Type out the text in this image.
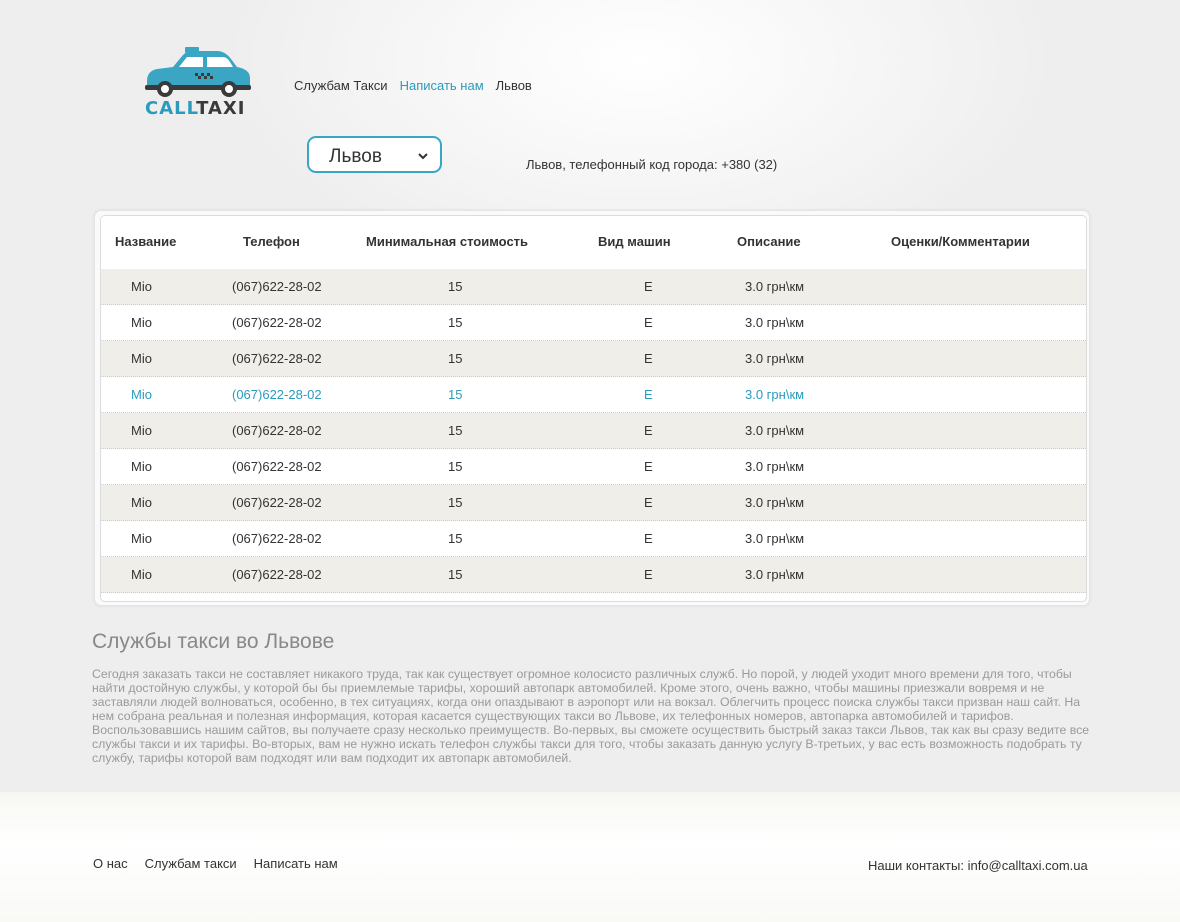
CALLTAXI
Службам Такси Написать нам Львов
Львов	Львов, телефонный код города: +380 (32)
Название	Телефон	Минимальная стоимость	Вид машин	Описание	Оценки/Комментарии
Mio	(067)622-28-02	15	E	3.0 грн\км
Mio	(067)622-28-02	15	E	3.0 грн\км
Mio	(067)622-28-02	15	E	3.0 грн\км
Mio	(067)622-28-02	15	E	3.0 грн\км
Mio	(067)622-28-02	15	E	3.0 грн\км
Mio	(067)622-28-02	15	E	3.0 грн\км
Mio	(067)622-28-02	15	E	3.0 грн\км
Mio	(067)622-28-02	15	E	3.0 грн\км
Mio	(067)622-28-02	15	E	3.0 грн\км
Службы такси во Львове
Сегодня заказать такси не составляет никакого труда, так как существует огромное колосисто различных служб. Но порой, у людей уходит много времени для того, чтобы найти достойную службы, у которой бы бы приемлемые тарифы, хороший автопарк автомобилей. Кроме этого, очень важно, чтобы машины приезжали вовремя и не заставляли людей волноваться, особенно, в тех ситуациях, когда они опаздывают в аэропорт или на вокзал. Облегчить процесс поиска службы такси призван наш сайт. На нем собрана реальная и полезная информация, которая касается существующих такси во Львове, их телефонных номеров, автопарка автомобилей и тарифов. Воспользовавшись нашим сайтов, вы получаете сразу несколько преимуществ. Во-первых, вы сможете осуществить быстрый заказ такси Львов, так как вы сразу ведите все службы такси и их тарифы. Во-вторых, вам не нужно искать телефон службы такси для того, чтобы заказать данную услугу В-третьих, у вас есть возможность подобрать ту службу, тарифы которой вам подходят или вам подходит их автопарк автомобилей.
О нас Службам такси Написать нам	Наши контакты: info@calltaxi.com.ua
